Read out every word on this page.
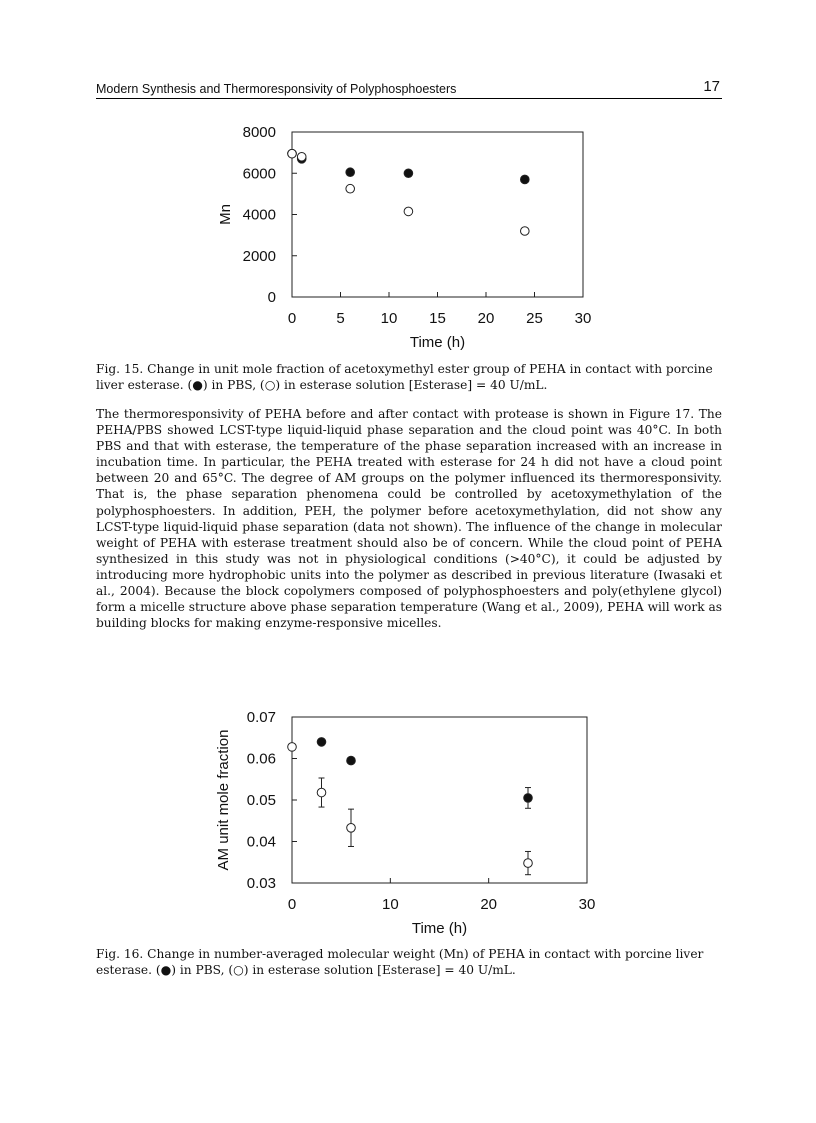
Modern Synthesis and Thermoresponsivity of Polyphosphoesters	17
0	5 10 15 20 25 30
0
2000
4000
6000
8000
Time (h)
Mn
Fig. 15. Change in unit mole fraction of acetoxymethyl ester group of PEHA in contact with porcine liver esterase. (●) in PBS, (○) in esterase solution [Esterase] = 40 U/mL.
The thermoresponsivity of PEHA before and after contact with protease is shown in Figure 17. The PEHA/PBS showed LCST-type liquid-liquid phase separation and the cloud point was 40°C. In both PBS and that with esterase, the temperature of the phase separation increased with an increase in incubation time. In particular, the PEHA treated with esterase for 24 h did not have a cloud point between 20 and 65°C. The degree of AM groups on the polymer influenced its thermoresponsivity. That is, the phase separation phenomena could be controlled by acetoxymethylation of the polyphosphoesters. In addition, PEH, the polymer before acetoxymethylation, did not show any LCST-type liquid-liquid phase separation (data not shown). The influence of the change in molecular weight of PEHA with esterase treatment should also be of concern. While the cloud point of PEHA synthesized in this study was not in physiological conditions (>40°C), it could be adjusted by introducing more hydrophobic units into the polymer as described in previous literature (Iwasaki et al., 2004). Because the block copolymers composed of polyphosphoesters and poly(ethylene glycol) form a micelle structure above phase separation temperature (Wang et al., 2009), PEHA will work as building blocks for making enzyme-responsive micelles.
0	10	20	30
0.03
0.04
0.05
0.06
0.07
Time (h)
AM unit mole fraction
Fig. 16. Change in number-averaged molecular weight (Mn) of PEHA in contact with porcine liver esterase. (●) in PBS, (○) in esterase solution [Esterase] = 40 U/mL.
